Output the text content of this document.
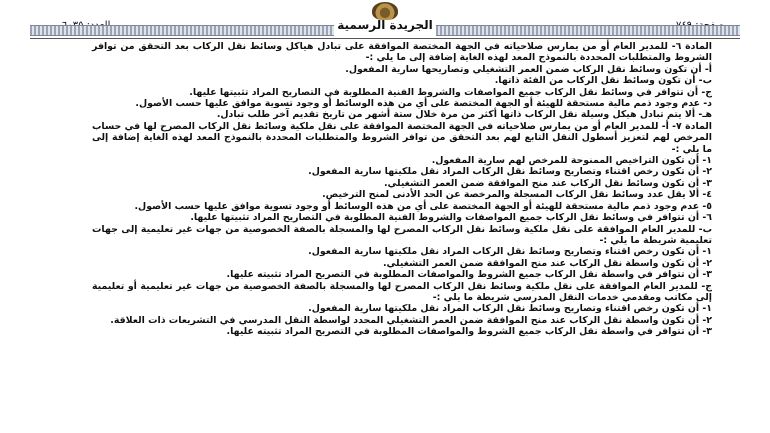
الجريدة الرسمية

المادة ٦- للمدير العام أو من يمارس صلاحياته في الجهة المختصة الموافقة على تبادل هياكل وسائط نقل الركاب بعد التحقق من توافر الشروط والمتطلبات المحددة بالنموذج المعد لهذه الغاية إضافة إلى ما يلي :-

أ- أن تكون وسائط نقل الركاب ضمن العمر التشغيلي وتصاريحها سارية المفعول.

ب- أن تكون وسائط نقل الركاب من الفئة ذاتها.

ج- أن تتوافر في وسائط نقل الركاب جميع المواصفات والشروط الفنية المطلوبة في التصاريح المراد تثبيتها عليها.

د- عدم وجود ذمم مالية مستحقة للهيئة أو الجهة المختصة على أي من هذه الوسائط أو وجود تسوية موافق عليها حسب الأصول.

هـ- ألا يتم تبادل هيكل وسيلة نقل الركاب ذاتها أكثر من مرة خلال ستة أشهر من تاريخ تقديم آخر طلب تبادل.

المادة ٧- أ- للمدير العام أو من يمارس صلاحياته في الجهة المختصة الموافقة على نقل ملكية وسائط نقل الركاب المصرح لها في حساب المرخص لهم لتعزيز أسطول النقل التابع لهم بعد التحقق من توافر الشروط والمتطلبات المحددة بالنموذج المعد لهذه الغاية إضافة إلى ما يلي :-

١- أن تكون التراخيص الممنوحة للمرخص لهم سارية المفعول.

٢- أن تكون رخص اقتناء وتصاريح وسائط نقل الركاب المراد نقل ملكيتها سارية المفعول.

٣- أن تكون وسائط نقل الركاب عند منح الموافقة ضمن العمر التشغيلي.

٤- ألا يقل عدد وسائط نقل الركاب المسجلة والمرخصة عن الحد الأدنى لمنح الترخيص.

٥- عدم وجود ذمم مالية مستحقة للهيئة أو الجهة المختصة على أي من هذه الوسائط أو وجود تسوية موافق عليها حسب الأصول.

٦- أن تتوافر في وسائط نقل الركاب جميع المواصفات والشروط الفنية المطلوبة في التصاريح المراد تثبيتها عليها.

ب- للمدير العام الموافقة على نقل ملكية وسائط نقل الركاب المصرح لها والمسجلة بالصفة الخصوصية من جهات غير تعليمية إلى جهات تعليمية شريطة ما يلي :-

١- أن تكون رخص اقتناء وتصاريح وسائط نقل الركاب المراد نقل ملكيتها سارية المفعول.

٢- أن تكون واسطة نقل الركاب عند منح الموافقة ضمن العمر التشغيلي.

٣- أن تتوافر في واسطة نقل الركاب جميع الشروط والمواصفات المطلوبة في التصريح المراد تثبيته عليها.

ج- للمدير العام الموافقة على نقل ملكية وسائط نقل الركاب المصرح لها والمسجلة بالصفة الخصوصية من جهات غير تعليمية أو تعليمية إلى مكاتب ومقدمي خدمات النقل المدرسي شريطة ما يلي :-

١- أن تكون رخص اقتناء وتصاريح وسائط نقل الركاب المراد نقل ملكيتها سارية المفعول.

٢- أن تكون واسطة نقل الركاب عند منح الموافقة ضمن العمر التشغيلي المحدد لواسطة النقل المدرسي في التشريعات ذات العلاقة.

٣- أن تتوافر في واسطة نقل الركاب جميع الشروط والمواصفات المطلوبة في التصريح المراد تثبيته عليها.
